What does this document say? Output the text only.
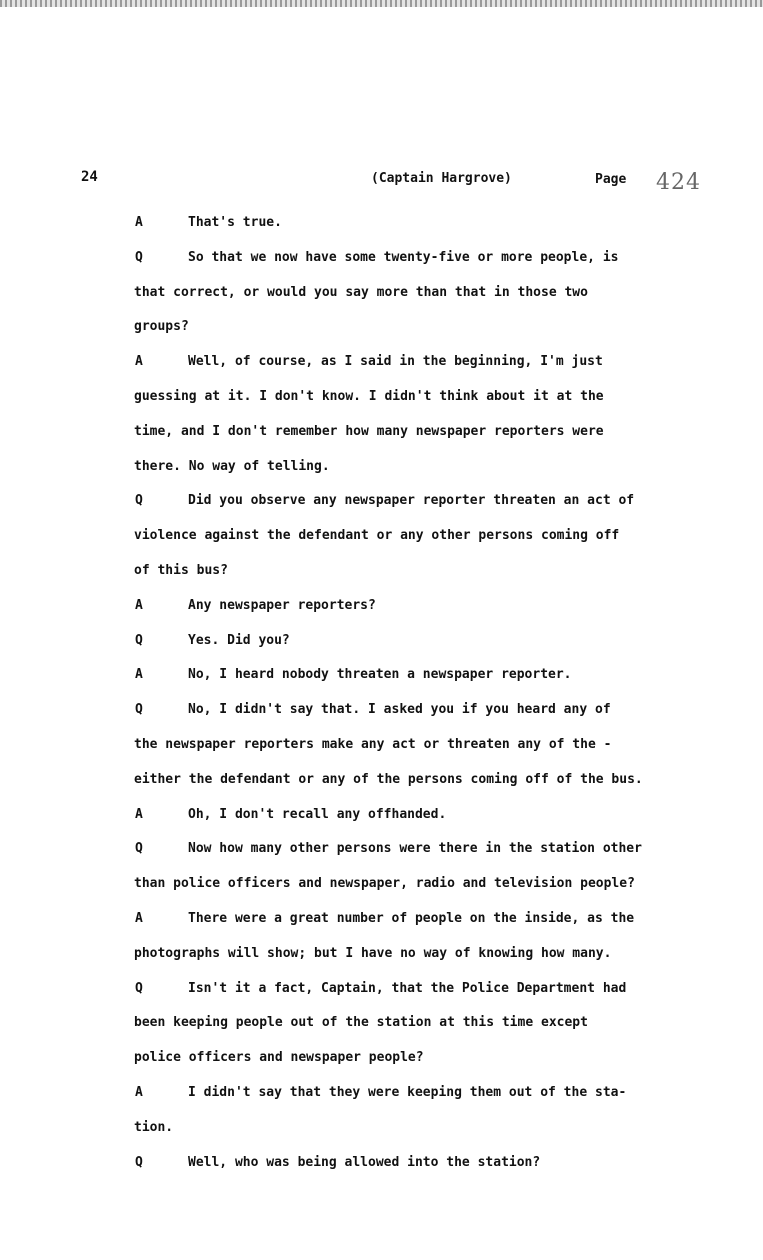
24	(Captain Hargrove)	Page 424
A	That's true.
Q	So that we now have some twenty-five or more people, is
that correct, or would you say more than that in those two
groups?
A	Well, of course, as I said in the beginning, I'm just
guessing at it. I don't know. I didn't think about it at the
time, and I don't remember how many newspaper reporters were
there. No way of telling.
Q	Did you observe any newspaper reporter threaten an act of
violence against the defendant or any other persons coming off
of this bus?
A	Any newspaper reporters?
Q	Yes. Did you?
A	No, I heard nobody threaten a newspaper reporter.
Q	No, I didn't say that. I asked you if you heard any of
the newspaper reporters make any act or threaten any of the -
either the defendant or any of the persons coming off of the bus.
A	Oh, I don't recall any offhanded.
Q	Now how many other persons were there in the station other
than police officers and newspaper, radio and television people?
A	There were a great number of people on the inside, as the
photographs will show; but I have no way of knowing how many.
Q	Isn't it a fact, Captain, that the Police Department had
been keeping people out of the station at this time except
police officers and newspaper people?
A	I didn't say that they were keeping them out of the sta-
tion.
Q	Well, who was being allowed into the station?
